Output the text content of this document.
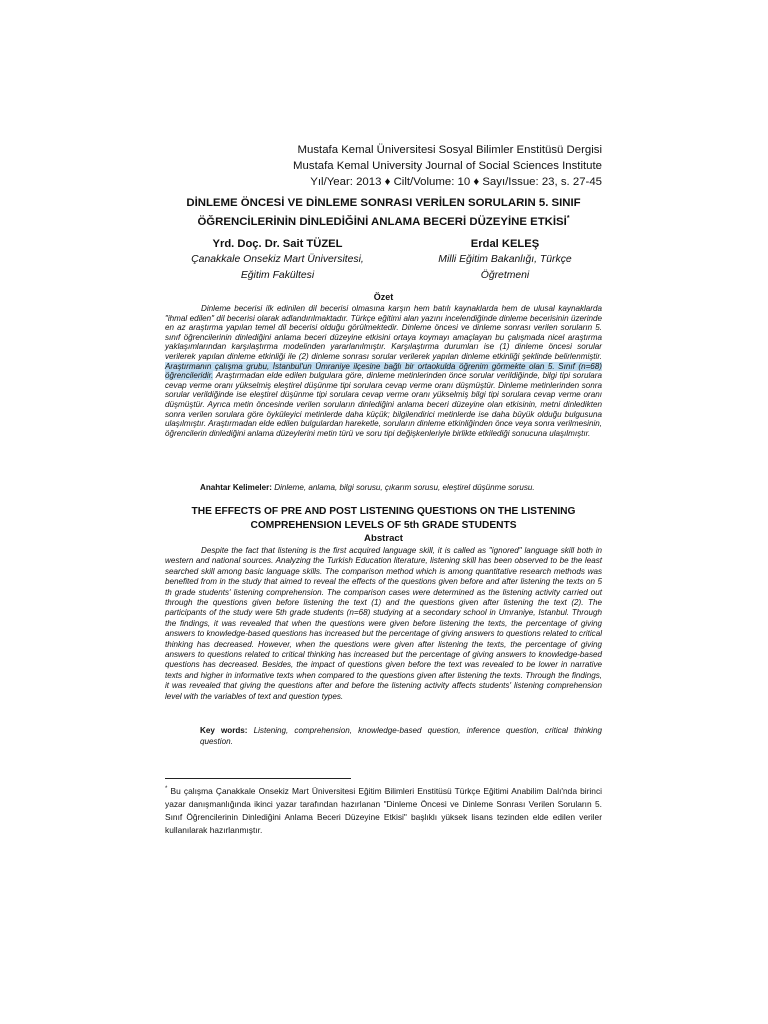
Mustafa Kemal Üniversitesi Sosyal Bilimler Enstitüsü Dergisi
Mustafa Kemal University Journal of Social Sciences Institute
Yıl/Year: 2013 ♦ Cilt/Volume: 10 ♦ Sayı/Issue: 23, s. 27-45
DİNLEME ÖNCESİ VE DİNLEME SONRASI VERİLEN SORULARIN 5. SINIF
ÖĞRENCİLERİNİN DİNLEDİĞİNİ ANLAMA BECERİ DÜZEYİNE ETKİSİ*
Yrd. Doç. Dr. Sait TÜZEL
Çanakkale Onsekiz Mart Üniversitesi,
Eğitim Fakültesi
Erdal KELEŞ
Milli Eğitim Bakanlığı, Türkçe
Öğretmeni
Özet
Dinleme becerisi ilk edinilen dil becerisi olmasına karşın hem batılı kaynaklarda hem de ulusal kaynaklarda "ihmal edilen" dil becerisi olarak adlandırılmaktadır. Türkçe eğitimi alan yazını incelendiğinde dinleme becerisinin üzerinde en az araştırma yapılan temel dil becerisi olduğu görülmektedir. Dinleme öncesi ve dinleme sonrası verilen soruların 5. sınıf öğrencilerinin dinlediğini anlama beceri düzeyine etkisini ortaya koymayı amaçlayan bu çalışmada nicel araştırma yaklaşımlarından karşılaştırma modelinden yararlanılmıştır. Karşılaştırma durumları ise (1) dinleme öncesi sorular verilerek yapılan dinleme etkinliği ile (2) dinleme sonrası sorular verilerek yapılan dinleme etkinliği şeklinde belirlenmiştir. Araştırmanın çalışma grubu, İstanbul'un Ümraniye ilçesine bağlı bir ortaokulda öğrenim görmekte olan 5. Sınıf (n=68) öğrencileridir. Araştırmadan elde edilen bulgulara göre, dinleme metinlerinden önce sorular verildiğinde, bilgi tipi sorulara cevap verme oranı yükselmiş eleştirel düşünme tipi sorulara cevap verme oranı düşmüştür. Dinleme metinlerinden sonra sorular verildiğinde ise eleştirel düşünme tipi sorulara cevap verme oranı yükselmiş bilgi tipi sorulara cevap verme oranı düşmüştür. Ayrıca metin öncesinde verilen soruların dinlediğini anlama beceri düzeyine olan etkisinin, metni dinledikten sonra verilen sorulara göre öyküleyici metinlerde daha küçük; bilgilendirici metinlerde ise daha büyük olduğu bulgusuna ulaşılmıştır. Araştırmadan elde edilen bulgulardan hareketle, soruların dinleme etkinliğinden önce veya sonra verilmesinin, öğrencilerin dinlediğini anlama düzeylerini metin türü ve soru tipi değişkenleriyle birlikte etkilediği sonucuna ulaşılmıştır.
Anahtar Kelimeler: Dinleme, anlama, bilgi sorusu, çıkarım sorusu, eleştirel düşünme sorusu.
THE EFFECTS OF PRE AND POST LISTENING QUESTIONS ON THE LISTENING
COMPREHENSION LEVELS OF 5th GRADE STUDENTS
Abstract
Despite the fact that listening is the first acquired language skill, it is called as "ignored" language skill both in western and national sources. Analyzing the Turkish Education literature, listening skill has been observed to be the least searched skill among basic language skills. The comparison method which is among quantitative research methods was benefited from in the study that aimed to reveal the effects of the questions given before and after listening the texts on 5 th grade students' listening comprehension. The comparison cases were determined as the listening activity carried out through the questions given before listening the text (1) and the questions given after listening the text (2). The participants of the study were 5th grade students (n=68) studying at a secondary school in Umraniye, Istanbul. Through the findings, it was revealed that when the questions were given before listening the texts, the percentage of giving answers to knowledge-based questions has increased but the percentage of giving answers to questions related to critical thinking has decreased. However, when the questions were given after listening the texts, the percentage of giving answers to questions related to critical thinking has increased but the percentage of giving answers to knowledge-based questions has decreased. Besides, the impact of questions given before the text was revealed to be lower in narrative texts and higher in informative texts when compared to the questions given after listening the texts. Through the findings, it was revealed that giving the questions after and before the listening activity affects students' listening comprehension level with the variables of text and question types.
Key words: Listening, comprehension, knowledge-based question, inference question, critical thinking question.
* Bu çalışma Çanakkale Onsekiz Mart Üniversitesi Eğitim Bilimleri Enstitüsü Türkçe Eğitimi Anabilim Dalı'nda birinci yazar danışmanlığında ikinci yazar tarafından hazırlanan "Dinleme Öncesi ve Dinleme Sonrası Verilen Soruların 5. Sınıf Öğrencilerinin Dinlediğini Anlama Beceri Düzeyine Etkisi" başlıklı yüksek lisans tezinden elde edilen veriler kullanılarak hazırlanmıştır.
